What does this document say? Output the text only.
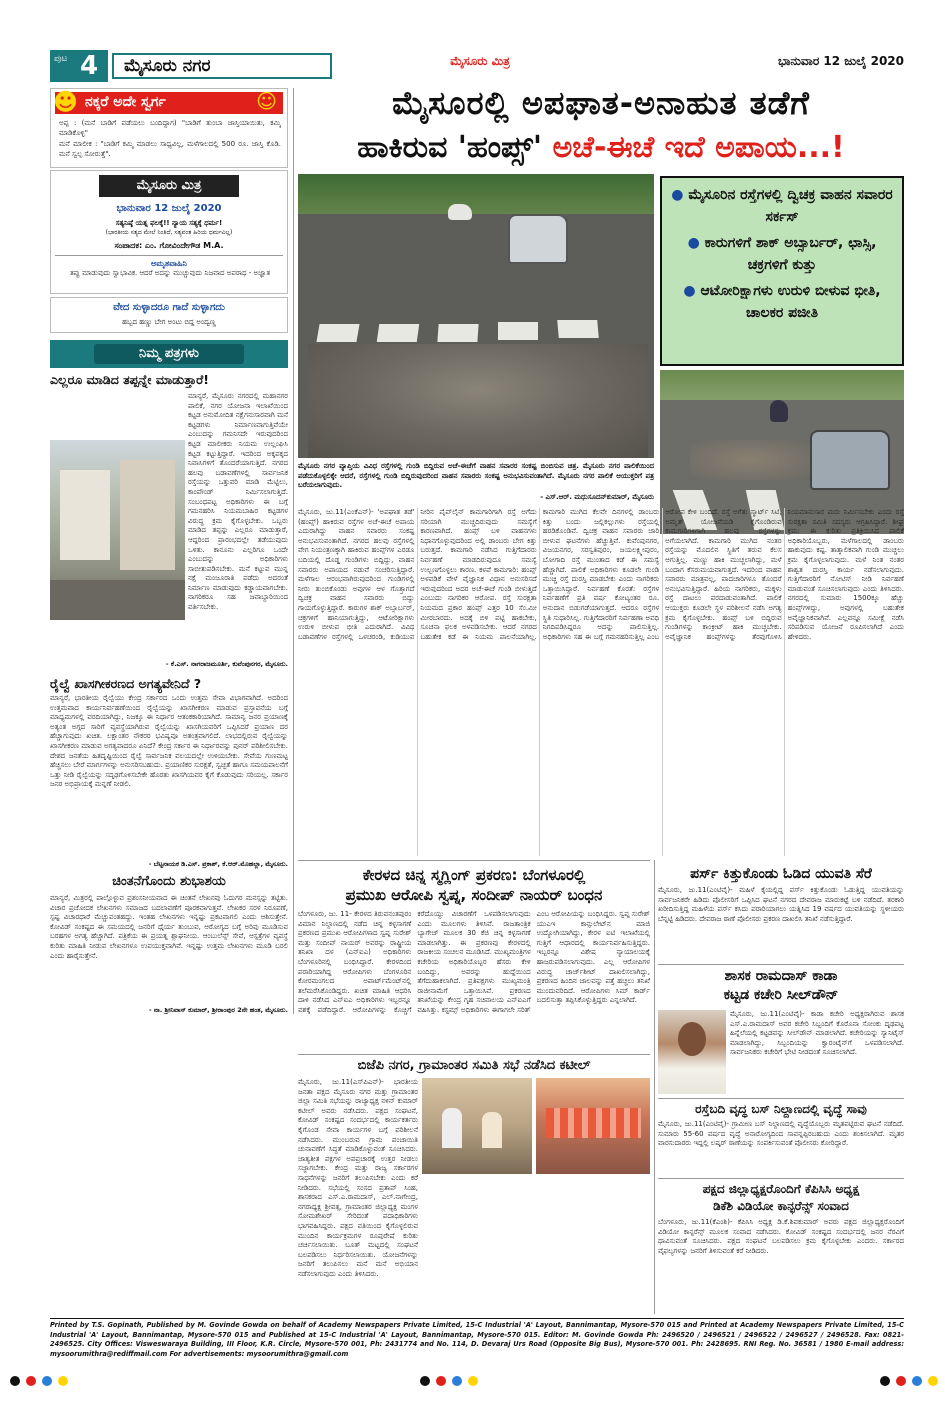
ಪುಟ 4	ಮೈಸೂರು ನಗರ	ಮೈಸೂರು ಮಿತ್ರ	ಭಾನುವಾರ 12 ಜುಲೈ 2020
☻ ನಕ್ಕರೆ ಅದೇ ಸ್ವರ್ಗ	☺
ಅಪ್ಪ : (ಮನೆ ಬಾಡಿಗೆ ಪಡೆಯಲು ಬಂದಿದ್ದಾಗ) "ಬಾಡಿಗೆ ತುಂಬಾ ಜಾಸ್ತಿಯಾಯಿತು, ಕಮ್ಮಿ ಮಾಡಿಕೊಳ್ಳಿ"
ಮನೆ ಮಾಲೀಕ : "ಬಾಡಿಗೆ ಕಮ್ಮಿ ಮಾಡಲು ಸಾಧ್ಯವಿಲ್ಲ, ಮಳೆಗಾಲದಲ್ಲಿ 500 ರೂ. ಜಾಸ್ತಿ ಕೊಡಿ. ಮನೆ ಸ್ವಲ್ಪ ಸೋರುತ್ತೆ".
ಮೈಸೂರು ಮಿತ್ರ
ಭಾನುವಾರ 12 ಜುಲೈ 2020
ಸತ್ಯನಿಷ್ಠೆ ಯತ್ನ ಫಲಕ್ಕೆ!! ನ್ಯಾಯ ಸತ್ಯಕ್ಕೆ ಧರ್ಮ!
(ಭಾರತೀಯ ಸತ್ಯದ ಮೇಲೆ ನಿಂತಿದೆ, ಸತ್ಯವಂತ ಹಿರಿಯ ಧರ್ಮವಿಲ್ಲ)
ಸಂಪಾದಕ: ಎಂ. ಗೋವಿಂದೇಗೌಡ M.A.
ಅಮೃತವಾಹಿನಿ
ತಪ್ಪು ಮಾಡುವುದು ಸ್ವಾಭಾವಿಕ. ಆದರೆ ಅದನ್ನು ಮುಚ್ಚುವುದು ನಿಜವಾದ ಅಪರಾಧ - ಅಜ್ಞಾತ
ವೇದ ಸುಳ್ಳಾದರೂ ಗಾದೆ ಸುಳ್ಳಾಗದು
ಹಬ್ಬದ ಹಣ್ಣು ಬೇಗ ಅಂಟು ಬಿದ್ದ ಅಂದ್ವಣ್ಣ
ನಿಮ್ಮ ಪತ್ರಗಳು
ಎಲ್ಲರೂ ಮಾಡಿದ ತಪ್ಪನ್ನೇ ಮಾಡುತ್ತಾರೆ!
ಮಾನ್ಯರೆ, ಮೈಸೂರು ನಗರದಲ್ಲಿ ಮಹಾನಗರ ಪಾಲಿಕೆ, ನಗರ ಯೋಜನಾ ಇಲಾಖೆಯಿಂದ ಕಟ್ಟಡ ಅನುಮೋದಿತ ನಕ್ಷೆಗನುಸಾರವಾಗಿ ಮನೆ ಕಟ್ಟಡಗಳು ನಿರ್ಮಾಣವಾಗುತ್ತಿವೆಯೇ ಎಂಬುದನ್ನು ಗಮನಿಸದೇ ಇರುವುದರಿಂದ ಕಟ್ಟಡ ಮಾಲೀಕರು ನಿಯಮ ಉಲ್ಲಂಘಿಸಿ ಕಟ್ಟಡ ಕಟ್ಟುತ್ತಿದ್ದಾರೆ. ಇದರಿಂದ ಅಕ್ಕಪಕ್ಕದ ನಿವಾಸಿಗಳಿಗೆ ತೊಂದರೆಯಾಗುತ್ತಿದೆ. ನಗರದ ಹಲವು ಬಡಾವಣೆಗಳಲ್ಲಿ ಸಾರ್ವಜನಿಕ ರಸ್ತೆಯನ್ನು ಒತ್ತುವರಿ ಮಾಡಿ ಮೆಟ್ಟಿಲು, ಕಾಂಪೌಂಡ್ ನಿರ್ಮಿಸಲಾಗುತ್ತಿದೆ. ಸಂಬಂಧಪಟ್ಟ ಅಧಿಕಾರಿಗಳು ಈ ಬಗ್ಗೆ ಗಮನಹರಿಸಿ ನಿಯಮಬಾಹಿರ ಕಟ್ಟಡಗಳ ವಿರುದ್ಧ ಕ್ರಮ ಕೈಗೊಳ್ಳಬೇಕು. ಒಬ್ಬರು ಮಾಡಿದ ತಪ್ಪನ್ನು ಎಲ್ಲರೂ ಮಾಡುತ್ತಾರೆ, ಆದ್ದರಿಂದ ಪ್ರಾರಂಭದಲ್ಲೇ ತಡೆಯುವುದು ಒಳಿತು. ಕಾನೂನು ಎಲ್ಲರಿಗೂ ಒಂದೇ ಎಂಬುದನ್ನು ಅಧಿಕಾರಿಗಳು ಸಾಬೀತುಪಡಿಸಬೇಕು. ಮನೆ ಕಟ್ಟುವ ಮುನ್ನ ನಕ್ಷೆ ಮಂಜೂರಾತಿ ಪಡೆದು ಅದರಂತೆ ನಿರ್ಮಾಣ ಮಾಡುವುದು ಕಡ್ಡಾಯವಾಗಬೇಕು. ನಾಗರಿಕರೂ ಸಹ ಜವಾಬ್ದಾರಿಯಿಂದ ವರ್ತಿಸಬೇಕು.
- ಕೆ.ಎಸ್. ನಾಗರಾಜಮೂರ್ತಿ, ಕುವೆಂಪುನಗರ, ಮೈಸೂರು.
ರೈಲ್ವೆ ಖಾಸಗೀಕರಣದ ಅಗತ್ಯವೇನಿದೆ ?
ಮಾನ್ಯರೆ, ಭಾರತೀಯ ರೈಲ್ವೆಯು ಕೇಂದ್ರ ಸರ್ಕಾರದ ಒಂದು ಉತ್ತಮ ಸೇವಾ ವಿಭಾಗವಾಗಿದೆ. ಅದರಿಂದ ಉತ್ತಮವಾದ ಕಾರ್ಯನಿರ್ವಹಣೆಯಿಂದ ರೈಲ್ವೆಯನ್ನು ಖಾಸಗೀಕರಣ ಮಾಡುವ ಪ್ರಸ್ತಾವನೆಯ ಬಗ್ಗೆ ಮಾಧ್ಯಮಗಳಲ್ಲಿ ವರದಿಯಾಗಿದ್ದು, ನಿಜಕ್ಕೂ ಈ ನಿರ್ಧಾರ ಆತಂಕಕಾರಿಯಾಗಿದೆ. ಸಾಮಾನ್ಯ ಜನರ ಪ್ರಯಾಣಕ್ಕೆ ಅತ್ಯಂತ ಅಗ್ಗದ ಸಾರಿಗೆ ವ್ಯವಸ್ಥೆಯಾಗಿರುವ ರೈಲ್ವೆಯನ್ನು ಖಾಸಗಿಯವರಿಗೆ ಒಪ್ಪಿಸಿದರೆ ಪ್ರಯಾಣ ದರ ಹೆಚ್ಚಾಗುವುದು ಖಚಿತ. ಲಕ್ಷಾಂತರ ನೌಕರರ ಭವಿಷ್ಯವೂ ಅತಂತ್ರವಾಗಲಿದೆ. ಲಾಭದಲ್ಲಿರುವ ರೈಲ್ವೆಯನ್ನು ಖಾಸಗೀಕರಣ ಮಾಡುವ ಅಗತ್ಯವಾದರೂ ಏನಿದೆ? ಕೇಂದ್ರ ಸರ್ಕಾರ ಈ ನಿರ್ಧಾರವನ್ನು ಪುನರ್ ಪರಿಶೀಲಿಸಬೇಕು. ದೇಶದ ಜನತೆಯ ಹಿತದೃಷ್ಟಿಯಿಂದ ರೈಲ್ವೆ ಸಾರ್ವಜನಿಕ ವಲಯದಲ್ಲೇ ಉಳಿಯಬೇಕು. ಸೇವೆಯ ಗುಣಮಟ್ಟ ಹೆಚ್ಚಿಸಲು ಬೇರೆ ಮಾರ್ಗಗಳನ್ನು ಅನುಸರಿಸಬಹುದು. ಪ್ರಯಾಣಿಕರ ಸುರಕ್ಷತೆ, ಸ್ವಚ್ಛತೆ ಹಾಗೂ ಸಮಯಪಾಲನೆಗೆ ಒತ್ತು ನೀಡಿ ರೈಲ್ವೆಯನ್ನು ಸದೃಢಗೊಳಿಸಬೇಕೇ ಹೊರತು ಖಾಸಗಿಯವರ ಕೈಗೆ ಕೊಡುವುದು ಸರಿಯಲ್ಲ. ಸರ್ಕಾರ ಜನರ ಅಭಿಪ್ರಾಯಕ್ಕೆ ಮನ್ನಣೆ ನೀಡಲಿ.
- ಬೆಟ್ಟನಾಯಕ ಡಿ.ಎಸ್. ಪ್ರಕಾಶ್, ಕೆ.ಆರ್.ಮೊಹಲ್ಲಾ, ಮೈಸೂರು.
ಚಿಂತನೆಗೊಂದು ಶುಭಾಶಯ
ಮಾನ್ಯರೆ, ಮಿತ್ರರಲ್ಲಿ ಪಾಲ್ಗೊಳ್ಳುವ ಪ್ರಶಂಸನೀಯವಾದ ಈ ಚಿಂತನೆ ಲೇಖನವು ಓದುಗರ ಮನಸ್ಸನ್ನು ತಟ್ಟಿತು. ವಿಚಾರ ಪ್ರಚೋದಕ ಲೇಖನಗಳು ಸಮಾಜದ ಬದಲಾವಣೆಗೆ ಪೂರಕವಾಗುತ್ತವೆ. ಲೇಖಕರ ಸರಳ ನಿರೂಪಣೆ, ಸ್ಪಷ್ಟ ವಿಚಾರಧಾರೆ ಮೆಚ್ಚುವಂತಹದ್ದು. ಇಂತಹ ಲೇಖನಗಳು ಇನ್ನಷ್ಟು ಪ್ರಕಟವಾಗಲಿ ಎಂದು ಆಶಿಸುತ್ತೇನೆ. ಕೋವಿಡ್ ಸಂಕಷ್ಟದ ಈ ಸಮಯದಲ್ಲಿ ಜನರಿಗೆ ಧೈರ್ಯ ತುಂಬುವ, ಆರೋಗ್ಯದ ಬಗ್ಗೆ ಅರಿವು ಮೂಡಿಸುವ ಬರಹಗಳ ಅಗತ್ಯ ಹೆಚ್ಚಾಗಿದೆ. ಪತ್ರಿಕೆಯ ಈ ಪ್ರಯತ್ನ ಶ್ಲಾಘನೀಯ. ಆಂಬುಲೆನ್ಸ್ ಸೇವೆ, ಆಸ್ಪತ್ರೆಗಳ ವ್ಯವಸ್ಥೆ ಕುರಿತು ಮಾಹಿತಿ ನೀಡುವ ಲೇಖನಗಳೂ ಉಪಯುಕ್ತವಾಗಿವೆ. ಇನ್ನಷ್ಟು ಉತ್ತಮ ಲೇಖನಗಳು ಮೂಡಿ ಬರಲಿ ಎಂದು ಹಾರೈಸುತ್ತೇನೆ.
- ನಾ. ಶ್ರೀನಿವಾಸ್ ಕುಮಾರ್, ಶ್ರೀರಾಂಪುರ 2ನೇ ಹಂತ, ಮೈಸೂರು.
ಮೈಸೂರಲ್ಲಿ ಅಪಘಾತ-ಅನಾಹುತ ತಡೆಗೆ
ಹಾಕಿರುವ 'ಹಂಪ್ಸ್' ಅಚೆ-ಈಚೆ ಇದೆ ಅಪಾಯ...!
ಮೈಸೂರು ನಗರ ವ್ಯಾಪ್ತಿಯ ವಿವಿಧ ರಸ್ತೆಗಳಲ್ಲಿ ಗುಂಡಿ ಬಿದ್ದಿರುವ ಅಚೆ-ಈಚೆಗೆ ವಾಹನ ಸವಾರರ ಸಂಕಷ್ಟ ಬಿಂಬಿಸುವ ಚಿತ್ರ. ಮೈಸೂರು ನಗರ ಪಾಲಿಕೆಯಿಂದ ಪಡೆದುಕೊಳ್ಳಲಿಕ್ಕೇ ಆದರೆ, ರಸ್ತೆಗಳಲ್ಲಿ ಗುಂಡಿ ಬಿದ್ದಿರುವುದರಿಂದ ವಾಹನ ಸವಾರರು ಸಂಕಷ್ಟ ಅನುಭವಿಸುವಂತಾಗಿದೆ. ಮೈಸೂರು ನಗರ ಪಾಲಿಕೆ ಆಯುಕ್ತರಿಗೆ ಪತ್ರ ಬರೆಯಲಾಗುವುದು.
- ಎಸ್.ಆರ್. ಮಧುಸೂದನ್‌ಕುಮಾರ್, ಮೈಸೂರು
● ಮೈಸೂರಿನ ರಸ್ತೆಗಳಲ್ಲಿ ದ್ವಿಚಕ್ರ ವಾಹನ ಸವಾರರ ಸರ್ಕಸ್
● ಕಾರುಗಳಿಗೆ ಶಾಕ್ ಅಬ್ಸಾರ್ಬರ್, ಛಾಸ್ಸಿ, ಚಕ್ರಗಳಿಗೆ ಕುತ್ತು
● ಆಟೋರಿಕ್ಷಾಗಳು ಉರುಳಿ ಬೀಳುವ ಭೀತಿ, ಚಾಲಕರ ಪಜೀತಿ
ಮೈಸೂರು, ಜು.11(ಎಂಕೆಎನ್)- 'ಅಪಘಾತ ತಡೆ' (ಹಂಪ್ಸ್) ಹಾಕಿರುವ ರಸ್ತೆಗಳ ಅಚೆ-ಈಚೆ ಅಪಾಯ ಎದುರಾಗಿದ್ದು ವಾಹನ ಸವಾರರು ಸಂಕಷ್ಟ ಅನುಭವಿಸುವಂತಾಗಿದೆ. ನಗರದ ಹಲವು ರಸ್ತೆಗಳಲ್ಲಿ ವೇಗ ನಿಯಂತ್ರಣಕ್ಕಾಗಿ ಹಾಕಿರುವ ಹಂಪ್ಸ್‌ಗಳ ಎರಡೂ ಬದಿಯಲ್ಲಿ ದೊಡ್ಡ ಗುಂಡಿಗಳು ಬಿದ್ದಿದ್ದು, ವಾಹನ ಸವಾರರು ಅಪಾಯದ ನಡುವೆ ಸಂಚರಿಸುತ್ತಿದ್ದಾರೆ. ಮಳೆಗಾಲ ಆರಂಭವಾಗಿರುವುದರಿಂದ ಗುಂಡಿಗಳಲ್ಲಿ ನೀರು ತುಂಬಿಕೊಂಡು ಅವುಗಳ ಆಳ ಗೊತ್ತಾಗದೆ ದ್ವಿಚಕ್ರ ವಾಹನ ಸವಾರರು ಬಿದ್ದು ಗಾಯಗೊಳ್ಳುತ್ತಿದ್ದಾರೆ. ಕಾರುಗಳ ಶಾಕ್ ಅಬ್ಸಾರ್ಬರ್, ಚಕ್ರಗಳಿಗೆ ಹಾನಿಯಾಗುತ್ತಿದ್ದು, ಆಟೋರಿಕ್ಷಾಗಳು ಉರುಳಿ ಬೀಳುವ ಭೀತಿ ಎದುರಾಗಿದೆ. ವಿವಿಧ ಬಡಾವಣೆಗಳ ರಸ್ತೆಗಳಲ್ಲಿ ಒಳಚರಂಡಿ, ಕುಡಿಯುವ ನೀರಿನ ಪೈಪ್‌ಲೈನ್ ಕಾಮಗಾರಿಗಾಗಿ ರಸ್ತೆ ಅಗೆದು ಸರಿಯಾಗಿ ಮುಚ್ಚದಿರುವುದು ಸಮಸ್ಯೆಗೆ ಕಾರಣವಾಗಿದೆ. ಹಂಪ್ಸ್ ಬಳಿ ವಾಹನಗಳು ನಿಧಾನಗೊಳ್ಳುವುದರಿಂದ ಅಲ್ಲಿ ಡಾಂಬರು ಬೇಗ ಕಿತ್ತು ಬರುತ್ತದೆ. ಕಾಮಗಾರಿ ನಡೆಸಿದ ಗುತ್ತಿಗೆದಾರರು ನಿರ್ವಹಣೆ ಮಾಡದಿರುವುದೂ ಸಮಸ್ಯೆ ಉಲ್ಬಣಗೊಳ್ಳಲು ಕಾರಣ. ಕಳಪೆ ಕಾಮಗಾರಿ: ಹಂಪ್ಸ್ ಅಳವಡಿಕೆ ವೇಳೆ ವೈಜ್ಞಾನಿಕ ವಿಧಾನ ಅನುಸರಿಸದೆ ಇರುವುದರಿಂದ ಅದರ ಅಚೆ-ಈಚೆ ಗುಂಡಿ ಬೀಳುತ್ತಿದೆ ಎಂಬುದು ನಾಗರಿಕರ ಆರೋಪ. ರಸ್ತೆ ಸುರಕ್ಷತಾ ನಿಯಮದ ಪ್ರಕಾರ ಹಂಪ್ಸ್ ಎತ್ತರ 10 ಸೆಂ.ಮೀ ಮೀರಬಾರದು. ಅದಕ್ಕೆ ಬಿಳಿ ಪಟ್ಟಿ ಹಾಕಬೇಕು, ಸೂಚನಾ ಫಲಕ ಅಳವಡಿಸಬೇಕು. ಆದರೆ ನಗರದ ಬಹುತೇಕ ಕಡೆ ಈ ನಿಯಮ ಪಾಲನೆಯಾಗಿಲ್ಲ. ಕಾಮಗಾರಿ ಮುಗಿದ ಕೆಲವೇ ದಿನಗಳಲ್ಲಿ ಡಾಂಬರು ಕಿತ್ತು ಬಂದು ಜಲ್ಲಿಕಲ್ಲುಗಳು ರಸ್ತೆಯಲ್ಲಿ ಹರಡಿಕೊಂಡಿವೆ. ದ್ವಿಚಕ್ರ ವಾಹನ ಸವಾರರು ಜಾರಿ ಬೀಳುವ ಘಟನೆಗಳು ಹೆಚ್ಚುತ್ತಿವೆ. ಕುವೆಂಪುನಗರ, ವಿಜಯನಗರ, ಸರಸ್ವತಿಪುರಂ, ಜಯಲಕ್ಷ್ಮೀಪುರಂ, ಬೋಗಾದಿ ರಸ್ತೆ ಮುಂತಾದ ಕಡೆ ಈ ಸಮಸ್ಯೆ ಹೆಚ್ಚಾಗಿದೆ. ಪಾಲಿಕೆ ಅಧಿಕಾರಿಗಳು ಕೂಡಲೇ ಗುಂಡಿ ಮುಚ್ಚಿ ರಸ್ತೆ ದುರಸ್ತಿ ಮಾಡಬೇಕು ಎಂದು ನಾಗರಿಕರು ಒತ್ತಾಯಿಸಿದ್ದಾರೆ. ನಿರ್ವಹಣೆ ಕೊರತೆ: ರಸ್ತೆಗಳ ನಿರ್ವಹಣೆಗೆ ಪ್ರತಿ ವರ್ಷ ಕೋಟ್ಯಂತರ ರೂ. ಅನುದಾನ ಬಿಡುಗಡೆಯಾಗುತ್ತದೆ. ಆದರೂ ರಸ್ತೆಗಳ ಸ್ಥಿತಿ ಸುಧಾರಿಸಿಲ್ಲ. ಗುತ್ತಿಗೆದಾರರಿಗೆ ನಿರ್ವಹಣಾ ಅವಧಿ ನಿಗದಿಪಡಿಸಿದ್ದರೂ ಅದನ್ನು ಪಾಲಿಸುತ್ತಿಲ್ಲ. ಅಧಿಕಾರಿಗಳು ಸಹ ಈ ಬಗ್ಗೆ ಗಮನಹರಿಸುತ್ತಿಲ್ಲ ಎಂಬ ಆರೋಪ ಕೇಳಿ ಬಂದಿದೆ. ರಸ್ತೆ ಅಗೆತ: ಸ್ಮಾರ್ಟ್ ಸಿಟಿ, ಅಮೃತ್ ಯೋಜನೆಯಡಿ ಕೈಗೊಂಡಿರುವ ಕಾಮಗಾರಿಗಳಿಗಾಗಿ ಹಲವು ರಸ್ತೆಗಳನ್ನು ಅಗೆಯಲಾಗಿದೆ. ಕಾಮಗಾರಿ ಮುಗಿದ ನಂತರ ರಸ್ತೆಯನ್ನು ಮೊದಲಿನ ಸ್ಥಿತಿಗೆ ತರುವ ಕೆಲಸ ಆಗುತ್ತಿಲ್ಲ. ಮಣ್ಣು ಹಾಕಿ ಮುಚ್ಚಲಾಗಿದ್ದು, ಮಳೆ ಬಂದಾಗ ಕೆಸರುಮಯವಾಗುತ್ತದೆ. ಇದರಿಂದ ವಾಹನ ಸವಾರರು ಮಾತ್ರವಲ್ಲ, ಪಾದಚಾರಿಗಳೂ ತೊಂದರೆ ಅನುಭವಿಸುತ್ತಿದ್ದಾರೆ. ಹಿರಿಯ ನಾಗರಿಕರು, ಮಕ್ಕಳು ರಸ್ತೆ ದಾಟಲು ಪರದಾಡುವಂತಾಗಿದೆ. ಪಾಲಿಕೆ ಆಯುಕ್ತರು ಕೂಡಲೇ ಸ್ಥಳ ಪರಿಶೀಲನೆ ನಡೆಸಿ ಅಗತ್ಯ ಕ್ರಮ ಕೈಗೊಳ್ಳಬೇಕು. ಹಂಪ್ಸ್ ಬಳಿ ಬಿದ್ದಿರುವ ಗುಂಡಿಗಳನ್ನು ಕಾಂಕ್ರೀಟ್ ಹಾಕಿ ಮುಚ್ಚಬೇಕು. ಅವೈಜ್ಞಾನಿಕ ಹಂಪ್ಸ್‌ಗಳನ್ನು ತೆರವುಗೊಳಿಸಿ ನಿಯಮಾನುಸಾರ ಮರು ನಿರ್ಮಿಸಬೇಕು ಎಂದು ರಸ್ತೆ ಸುರಕ್ಷತಾ ಸಮಿತಿ ಸದಸ್ಯರು ಆಗ್ರಹಿಸಿದ್ದಾರೆ. ಶೀಘ್ರ ಕ್ರಮ: ಈ ಕುರಿತು ಪ್ರತಿಕ್ರಿಯಿಸಿದ ಪಾಲಿಕೆ ಅಧಿಕಾರಿಯೊಬ್ಬರು, ಮಳೆಗಾಲದಲ್ಲಿ ಡಾಂಬರು ಹಾಕುವುದು ಕಷ್ಟ. ತಾತ್ಕಾಲಿಕವಾಗಿ ಗುಂಡಿ ಮುಚ್ಚಲು ಕ್ರಮ ಕೈಗೊಳ್ಳಲಾಗುವುದು. ಮಳೆ ನಿಂತ ನಂತರ ಶಾಶ್ವತ ದುರಸ್ತಿ ಕಾರ್ಯ ನಡೆಸಲಾಗುವುದು. ಗುತ್ತಿಗೆದಾರರಿಗೆ ನೋಟಿಸ್ ನೀಡಿ ನಿರ್ವಹಣೆ ಮಾಡುವಂತೆ ಸೂಚಿಸಲಾಗುವುದು ಎಂದು ತಿಳಿಸಿದರು. ನಗರದಲ್ಲಿ ಸುಮಾರು 1500ಕ್ಕೂ ಹೆಚ್ಚು ಹಂಪ್ಸ್‌ಗಳಿದ್ದು, ಅವುಗಳಲ್ಲಿ ಬಹುತೇಕ ಅವೈಜ್ಞಾನಿಕವಾಗಿವೆ. ಎಲ್ಲವನ್ನೂ ಸಮೀಕ್ಷೆ ನಡೆಸಿ ಸರಿಪಡಿಸುವ ಯೋಜನೆ ರೂಪಿಸಲಾಗಿದೆ ಎಂದು ಹೇಳಿದರು.
ಕೇರಳದ ಚಿನ್ನ ಸ್ಮಗ್ಲಿಂಗ್ ಪ್ರಕರಣ: ಬೆಂಗಳೂರಲ್ಲಿ
ಪ್ರಮುಖ ಆರೋಪಿ ಸ್ವಪ್ನ, ಸಂದೀಪ್ ನಾಯರ್ ಬಂಧನ
ಬೆಂಗಳೂರು, ಜು. 11- ಕೇರಳದ ತಿರುವನಂತಪುರಂ ವಿಮಾನ ನಿಲ್ದಾಣದಲ್ಲಿ ನಡೆದ ಚಿನ್ನ ಕಳ್ಳಸಾಗಣೆ ಪ್ರಕರಣದ ಪ್ರಮುಖ ಆರೋಪಿಗಳಾದ ಸ್ವಪ್ನ ಸುರೇಶ್ ಮತ್ತು ಸಂದೀಪ್ ನಾಯರ್ ಅವರನ್ನು ರಾಷ್ಟ್ರೀಯ ತನಿಖಾ ದಳ (ಎನ್‌ಐಎ) ಅಧಿಕಾರಿಗಳು ಬೆಂಗಳೂರಿನಲ್ಲಿ ಬಂಧಿಸಿದ್ದಾರೆ. ಕೇರಳದಿಂದ ಪರಾರಿಯಾಗಿದ್ದ ಆರೋಪಿಗಳು ಬೆಂಗಳೂರಿನ ಕೋರಮಂಗಲದ ಅಪಾರ್ಟ್‌ಮೆಂಟ್‌ನಲ್ಲಿ ತಲೆಮರೆಸಿಕೊಂಡಿದ್ದರು. ಖಚಿತ ಮಾಹಿತಿ ಆಧರಿಸಿ ದಾಳಿ ನಡೆಸಿದ ಎನ್‌ಐಎ ಅಧಿಕಾರಿಗಳು ಇಬ್ಬರನ್ನೂ ವಶಕ್ಕೆ ಪಡೆದಿದ್ದಾರೆ. ಆರೋಪಿಗಳನ್ನು ಕೊಚ್ಚಿಗೆ ಕರೆದೊಯ್ದು ವಿಚಾರಣೆಗೆ ಒಳಪಡಿಸಲಾಗುವುದು ಎಂದು ಮೂಲಗಳು ತಿಳಿಸಿವೆ. ರಾಜತಾಂತ್ರಿಕ ಬ್ಯಾಗೇಜ್ ಮೂಲಕ 30 ಕೆಜಿ ಚಿನ್ನ ಕಳ್ಳಸಾಗಣೆ ಮಾಡಲಾಗಿತ್ತು. ಈ ಪ್ರಕರಣವು ಕೇರಳದಲ್ಲಿ ರಾಜಕೀಯ ಸಂಚಲನ ಮೂಡಿಸಿದೆ. ಮುಖ್ಯಮಂತ್ರಿಗಳ ಕಚೇರಿಯ ಅಧಿಕಾರಿಯೊಬ್ಬರ ಹೆಸರು ಕೇಳಿ ಬಂದಿದ್ದು, ಅವರನ್ನು ಹುದ್ದೆಯಿಂದ ತೆಗೆದುಹಾಕಲಾಗಿದೆ. ಪ್ರತಿಪಕ್ಷಗಳು ಮುಖ್ಯಮಂತ್ರಿ ರಾಜೀನಾಮೆಗೆ ಒತ್ತಾಯಿಸಿವೆ. ಪ್ರಕರಣದ ತನಿಖೆಯನ್ನು ಕೇಂದ್ರ ಗೃಹ ಸಚಿವಾಲಯ ಎನ್‌ಐಎಗೆ ವಹಿಸಿತ್ತು. ಕಸ್ಟಮ್ಸ್ ಅಧಿಕಾರಿಗಳು ಈಗಾಗಲೇ ಸರಿತ್ ಎಂಬ ಆರೋಪಿಯನ್ನು ಬಂಧಿಸಿದ್ದರು. ಸ್ವಪ್ನ ಸುರೇಶ್ ಯುಎಇ ಕಾನ್ಸುಲೇಟ್‌ನ ಮಾಜಿ ಉದ್ಯೋಗಿಯಾಗಿದ್ದು, ಕೇರಳ ಐಟಿ ಇಲಾಖೆಯಲ್ಲಿ ಗುತ್ತಿಗೆ ಆಧಾರದಲ್ಲಿ ಕಾರ್ಯನಿರ್ವಹಿಸುತ್ತಿದ್ದರು. ಇಬ್ಬರನ್ನೂ ವಿಶೇಷ ನ್ಯಾಯಾಲಯಕ್ಕೆ ಹಾಜರುಪಡಿಸಲಾಗುವುದು. ಎಲ್ಲ ಆರೋಪಿಗಳ ವಿರುದ್ಧ ಚಾರ್ಜ್‌ಶೀಟ್ ದಾಖಲಿಸಲಾಗಿದ್ದು, ಪ್ರಕರಣದ ಹಿಂದಿನ ಜಾಲವನ್ನು ಪತ್ತೆ ಹಚ್ಚಲು ತನಿಖೆ ಮುಂದುವರಿದಿದೆ. ಆರೋಪಿಗಳು ಸಿಮ್ ಕಾರ್ಡ್ ಬದಲಿಸುತ್ತಾ ತಪ್ಪಿಸಿಕೊಳ್ಳುತ್ತಿದ್ದರು ಎನ್ನಲಾಗಿದೆ.
ಬಿಜೆಪಿ ನಗರ, ಗ್ರಾಮಾಂತರ ಸಮಿತಿ ಸಭೆ ನಡೆಸಿದ ಕಟೀಲ್
ಮೈಸೂರು, ಜು.11(ಎಸ್‌ಪಿಎನ್)- ಭಾರತೀಯ ಜನತಾ ಪಕ್ಷದ ಮೈಸೂರು ನಗರ ಮತ್ತು ಗ್ರಾಮಾಂತರ ಜಿಲ್ಲಾ ಸಮಿತಿ ಸಭೆಯನ್ನು ರಾಜ್ಯಾಧ್ಯಕ್ಷ ನಳಿನ್ ಕುಮಾರ್ ಕಟೀಲ್ ಅವರು ನಡೆಸಿದರು. ಪಕ್ಷದ ಸಂಘಟನೆ, ಕೋವಿಡ್ ಸಂಕಷ್ಟದ ಸಂದರ್ಭದಲ್ಲಿ ಕಾರ್ಯಕರ್ತರು ಕೈಗೊಂಡ ಸೇವಾ ಕಾರ್ಯಗಳ ಬಗ್ಗೆ ಪರಿಶೀಲನೆ ನಡೆಸಿದರು. ಮುಂಬರುವ ಗ್ರಾಮ ಪಂಚಾಯಿತಿ ಚುನಾವಣೆಗೆ ಸಿದ್ಧತೆ ಮಾಡಿಕೊಳ್ಳುವಂತೆ ಸೂಚಿಸಿದರು. ಜಾತ್ಯತೀತ ಪಕ್ಷಗಳ ಅಪಪ್ರಚಾರಕ್ಕೆ ಉತ್ತರ ನೀಡಲು ಸಜ್ಜಾಗಬೇಕು. ಕೇಂದ್ರ ಮತ್ತು ರಾಜ್ಯ ಸರ್ಕಾರಗಳ ಸಾಧನೆಗಳನ್ನು ಜನರಿಗೆ ತಲುಪಿಸಬೇಕು ಎಂದು ಕರೆ ನೀಡಿದರು. ಸಭೆಯಲ್ಲಿ ಸಂಸದ ಪ್ರತಾಪ್ ಸಿಂಹ, ಶಾಸಕರಾದ ಎಸ್.ಎ.ರಾಮದಾಸ್, ಎಲ್.ನಾಗೇಂದ್ರ, ನಗರಾಧ್ಯಕ್ಷ ಶ್ರೀವತ್ಸ, ಗ್ರಾಮಾಂತರ ಜಿಲ್ಲಾಧ್ಯಕ್ಷ ಮಂಗಳ ಸೋಮಶೇಖರ್ ಸೇರಿದಂತೆ ಪದಾಧಿಕಾರಿಗಳು ಭಾಗವಹಿಸಿದ್ದರು. ಪಕ್ಷದ ವತಿಯಿಂದ ಕೈಗೊಳ್ಳಲಿರುವ ಮುಂದಿನ ಕಾರ್ಯಕ್ರಮಗಳ ರೂಪುರೇಷೆ ಕುರಿತು ಚರ್ಚಿಸಲಾಯಿತು. ಬೂತ್ ಮಟ್ಟದಲ್ಲಿ ಸಂಘಟನೆ ಬಲಪಡಿಸಲು ನಿರ್ಧರಿಸಲಾಯಿತು. ಯೋಜನೆಗಳನ್ನು ಜನರಿಗೆ ತಲುಪಿಸಲು ಮನೆ ಮನೆ ಅಭಿಯಾನ ನಡೆಸಲಾಗುವುದು ಎಂದು ತಿಳಿಸಿದರು.
ಪರ್ಸ್ ಕಿತ್ತುಕೊಂಡು ಓಡಿದ ಯುವತಿ ಸೆರೆ
ಮೈಸೂರು, ಜು.11(ಎಂಟಿವೈ)- ಮಹಿಳೆ ಕೈಯಲ್ಲಿದ್ದ ಪರ್ಸ್ ಕಿತ್ತುಕೊಂಡು ಓಡುತ್ತಿದ್ದ ಯುವತಿಯನ್ನು ಸಾರ್ವಜನಿಕರೇ ಹಿಡಿದು ಪೊಲೀಸರಿಗೆ ಒಪ್ಪಿಸಿದ ಘಟನೆ ನಗರದ ದೇವರಾಜ ಮಾರುಕಟ್ಟೆ ಬಳಿ ನಡೆದಿದೆ. ತರಕಾರಿ ಖರೀದಿಸುತ್ತಿದ್ದ ಮಹಿಳೆಯ ಪರ್ಸ್ ಕಸಿದು ಪರಾರಿಯಾಗಲು ಯತ್ನಿಸಿದ 19 ವರ್ಷದ ಯುವತಿಯನ್ನು ಸ್ಥಳೀಯರು ಬೆನ್ನಟ್ಟಿ ಹಿಡಿದರು. ದೇವರಾಜ ಠಾಣೆ ಪೊಲೀಸರು ಪ್ರಕರಣ ದಾಖಲಿಸಿ ತನಿಖೆ ನಡೆಸುತ್ತಿದ್ದಾರೆ.
ಶಾಸಕ ರಾಮದಾಸ್ ಕಾಡಾ
ಕಟ್ಟಡ ಕಚೇರಿ ಸೀಲ್‌ಡೌನ್
ಮೈಸೂರು, ಜು.11(ಎಂಟಿವೈ)- ಕಾಡಾ ಕಚೇರಿ ಅಧ್ಯಕ್ಷರಾಗಿರುವ ಶಾಸಕ ಎಸ್.ಎ.ರಾಮದಾಸ್ ಅವರ ಕಚೇರಿ ಸಿಬ್ಬಂದಿಗೆ ಕೊರೊನಾ ಸೋಂಕು ದೃಢಪಟ್ಟ ಹಿನ್ನೆಲೆಯಲ್ಲಿ ಕಟ್ಟಡವನ್ನು ಸೀಲ್‌ಡೌನ್ ಮಾಡಲಾಗಿದೆ. ಕಚೇರಿಯನ್ನು ಸ್ಯಾನಿಟೈಸ್ ಮಾಡಲಾಗಿದ್ದು, ಸಿಬ್ಬಂದಿಯನ್ನು ಕ್ವಾರಂಟೈನ್‌ಗೆ ಒಳಪಡಿಸಲಾಗಿದೆ. ಸಾರ್ವಜನಿಕರು ಕಚೇರಿಗೆ ಭೇಟಿ ನೀಡದಂತೆ ಸೂಚಿಸಲಾಗಿದೆ.
ರಸ್ತೆಬದಿ ವೃದ್ಧ ಬಸ್ ನಿಲ್ದಾಣದಲ್ಲಿ ವೃದ್ಧೆ ಸಾವು
ಮೈಸೂರು, ಜು.11(ಎಂಟಿವೈ)- ಗ್ರಾಮೀಣ ಬಸ್ ನಿಲ್ದಾಣದಲ್ಲಿ ವೃದ್ಧೆಯೊಬ್ಬರು ಮೃತಪಟ್ಟಿರುವ ಘಟನೆ ನಡೆದಿದೆ. ಸುಮಾರು 55-60 ವರ್ಷದ ವೃದ್ಧೆ ಅನಾರೋಗ್ಯದಿಂದ ಸಾವನ್ನಪ್ಪಿರಬಹುದು ಎಂದು ಶಂಕಿಸಲಾಗಿದೆ. ಮೃತರ ವಾರಸುದಾರರು ಇದ್ದಲ್ಲಿ ಲಷ್ಕರ್ ಠಾಣೆಯನ್ನು ಸಂಪರ್ಕಿಸುವಂತೆ ಪೊಲೀಸರು ಕೋರಿದ್ದಾರೆ.
ಪಕ್ಷದ ಜಿಲ್ಲಾಧ್ಯಕ್ಷರೊಂದಿಗೆ ಕೆಪಿಸಿಸಿ ಅಧ್ಯಕ್ಷ
ಡಿಕೆಶಿ ವಿಡಿಯೋ ಕಾನ್ಫರೆನ್ಸ್ ಸಂವಾದ
ಬೆಂಗಳೂರು, ಜು.11(ಕೆಎಂಶಿ)- ಕೆಪಿಸಿಸಿ ಅಧ್ಯಕ್ಷ ಡಿ.ಕೆ.ಶಿವಕುಮಾರ್ ಅವರು ಪಕ್ಷದ ಜಿಲ್ಲಾಧ್ಯಕ್ಷರೊಂದಿಗೆ ವಿಡಿಯೋ ಕಾನ್ಫರೆನ್ಸ್ ಮೂಲಕ ಸಂವಾದ ನಡೆಸಿದರು. ಕೋವಿಡ್ ಸಂಕಷ್ಟದ ಸಂದರ್ಭದಲ್ಲಿ ಜನರ ನೆರವಿಗೆ ಧಾವಿಸುವಂತೆ ಸೂಚಿಸಿದರು. ಪಕ್ಷದ ಸಂಘಟನೆ ಬಲಪಡಿಸಲು ಕ್ರಮ ಕೈಗೊಳ್ಳಬೇಕು ಎಂದರು. ಸರ್ಕಾರದ ವೈಫಲ್ಯಗಳನ್ನು ಜನರಿಗೆ ತಿಳಿಸುವಂತೆ ಕರೆ ನೀಡಿದರು.
Printed by T.S. Gopinath, Published by M. Govinde Gowda on behalf of Academy Newspapers Private Limited, 15-C Industrial 'A' Layout, Bannimantap, Mysore-570 015 and Printed at Academy Newspapers Private Limited, 15-C Industrial 'A' Layout, Bannimantap, Mysore-570 015 and Published at 15-C Industrial 'A' Layout, Bannimantap, Mysore-570 015. Editor: M. Govinde Gowda Ph: 2496520 / 2496521 / 2496522 / 2496527 / 2496528. Fax: 0821-2496525. City Offices: Visweswaraya Building, III Floor, K.R. Circle, Mysore-570 001, Ph: 2431774 and No. 114, D. Devaraj Urs Road (Opposite Big Bus), Mysore-570 001. Ph: 2428695. RNI Reg. No. 36581 / 1980 E-mail address: mysoorumithra@rediffmail.com For advertisements: mysoorumithra@gmail.com
